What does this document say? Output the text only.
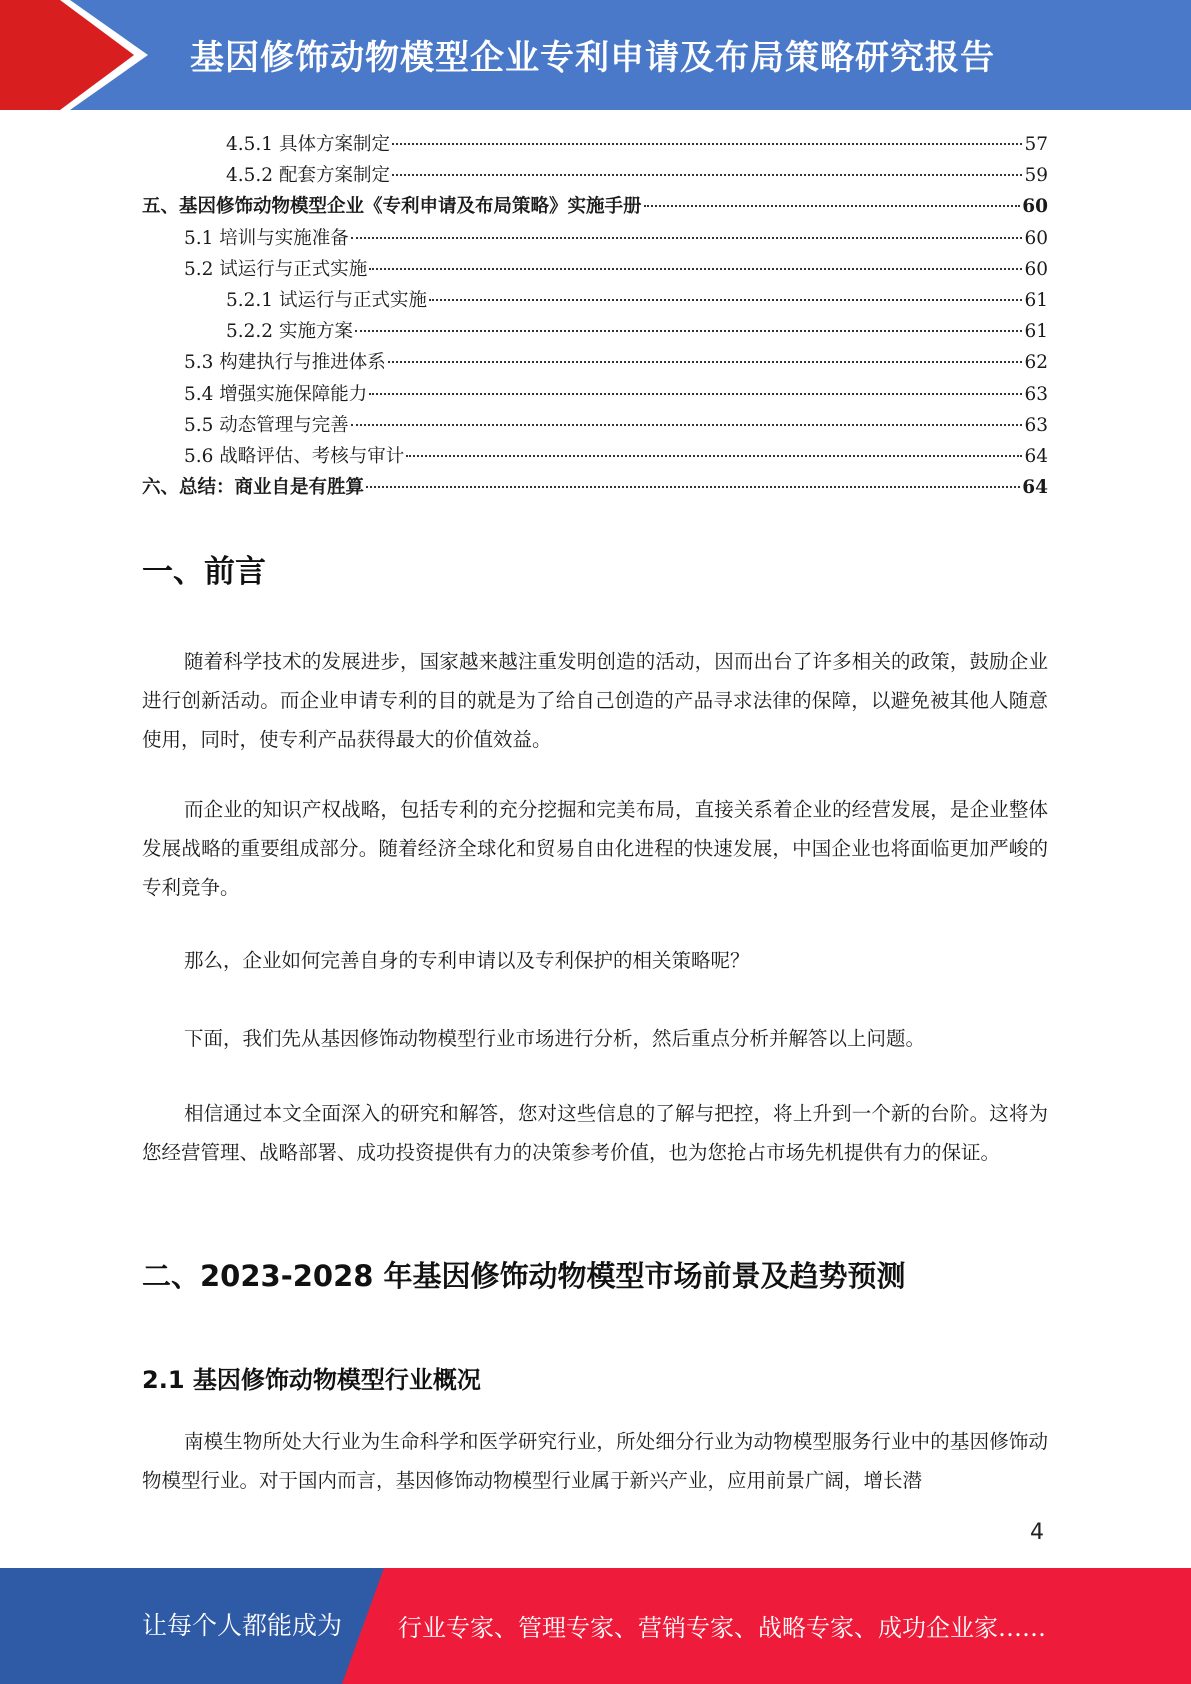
基因修饰动物模型企业专利申请及布局策略研究报告
4.5.1 具体方案制定	57
4.5.2 配套方案制定	59
五、基因修饰动物模型企业《专利申请及布局策略》实施手册	60
5.1 培训与实施准备	60
5.2 试运行与正式实施	60
5.2.1 试运行与正式实施	61
5.2.2 实施方案	61
5.3 构建执行与推进体系	62
5.4 增强实施保障能力	63
5.5 动态管理与完善	63
5.6 战略评估、考核与审计	64
六、总结：商业自是有胜算	64
一、前言

随着科学技术的发展进步，国家越来越注重发明创造的活动，因而出台了许多相关的政策，鼓励企业进行创新活动。而企业申请专利的目的就是为了给自己创造的产品寻求法律的保障，以避免被其他人随意使用，同时，使专利产品获得最大的价值效益。

而企业的知识产权战略，包括专利的充分挖掘和完美布局，直接关系着企业的经营发展，是企业整体发展战略的重要组成部分。随着经济全球化和贸易自由化进程的快速发展，中国企业也将面临更加严峻的专利竞争。

那么，企业如何完善自身的专利申请以及专利保护的相关策略呢？

下面，我们先从基因修饰动物模型行业市场进行分析，然后重点分析并解答以上问题。

相信通过本文全面深入的研究和解答，您对这些信息的了解与把控，将上升到一个新的台阶。这将为您经营管理、战略部署、成功投资提供有力的决策参考价值，也为您抢占市场先机提供有力的保证。

二、2023-2028 年基因修饰动物模型市场前景及趋势预测
2.1 基因修饰动物模型行业概况

南模生物所处大行业为生命科学和医学研究行业，所处细分行业为动物模型服务行业中的基因修饰动物模型行业。对于国内而言，基因修饰动物模型行业属于新兴产业，应用前景广阔，增长潜

4
让每个人都能成为 行业专家、管理专家、营销专家、战略专家、成功企业家……
